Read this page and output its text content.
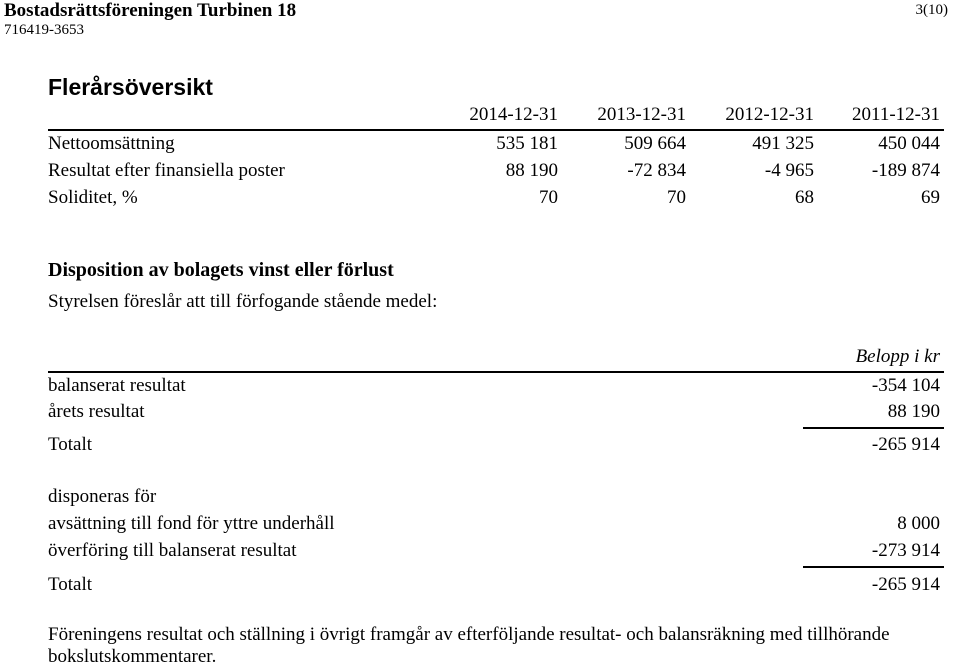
Bostadsrättsföreningen Turbinen 18
716419-3653
3(10)
Flerårsöversikt
2014-12-31	2013-12-31	2012-12-31	2011-12-31
Nettoomsättning	535 181	509 664	491 325	450 044
Resultat efter finansiella poster	88 190	-72 834	-4 965	-189 874
Soliditet, %	70	70	68	69
Disposition av bolagets vinst eller förlust
Styrelsen föreslår att till förfogande stående medel:
Belopp i kr
balanserat resultat	-354 104
årets resultat	88 190
Totalt	-265 914
disponeras för
avsättning till fond för yttre underhåll	8 000
överföring till balanserat resultat	-273 914
Totalt	-265 914
Föreningens resultat och ställning i övrigt framgår av efterföljande resultat- och balansräkning med tillhörande bokslutskommentarer.
